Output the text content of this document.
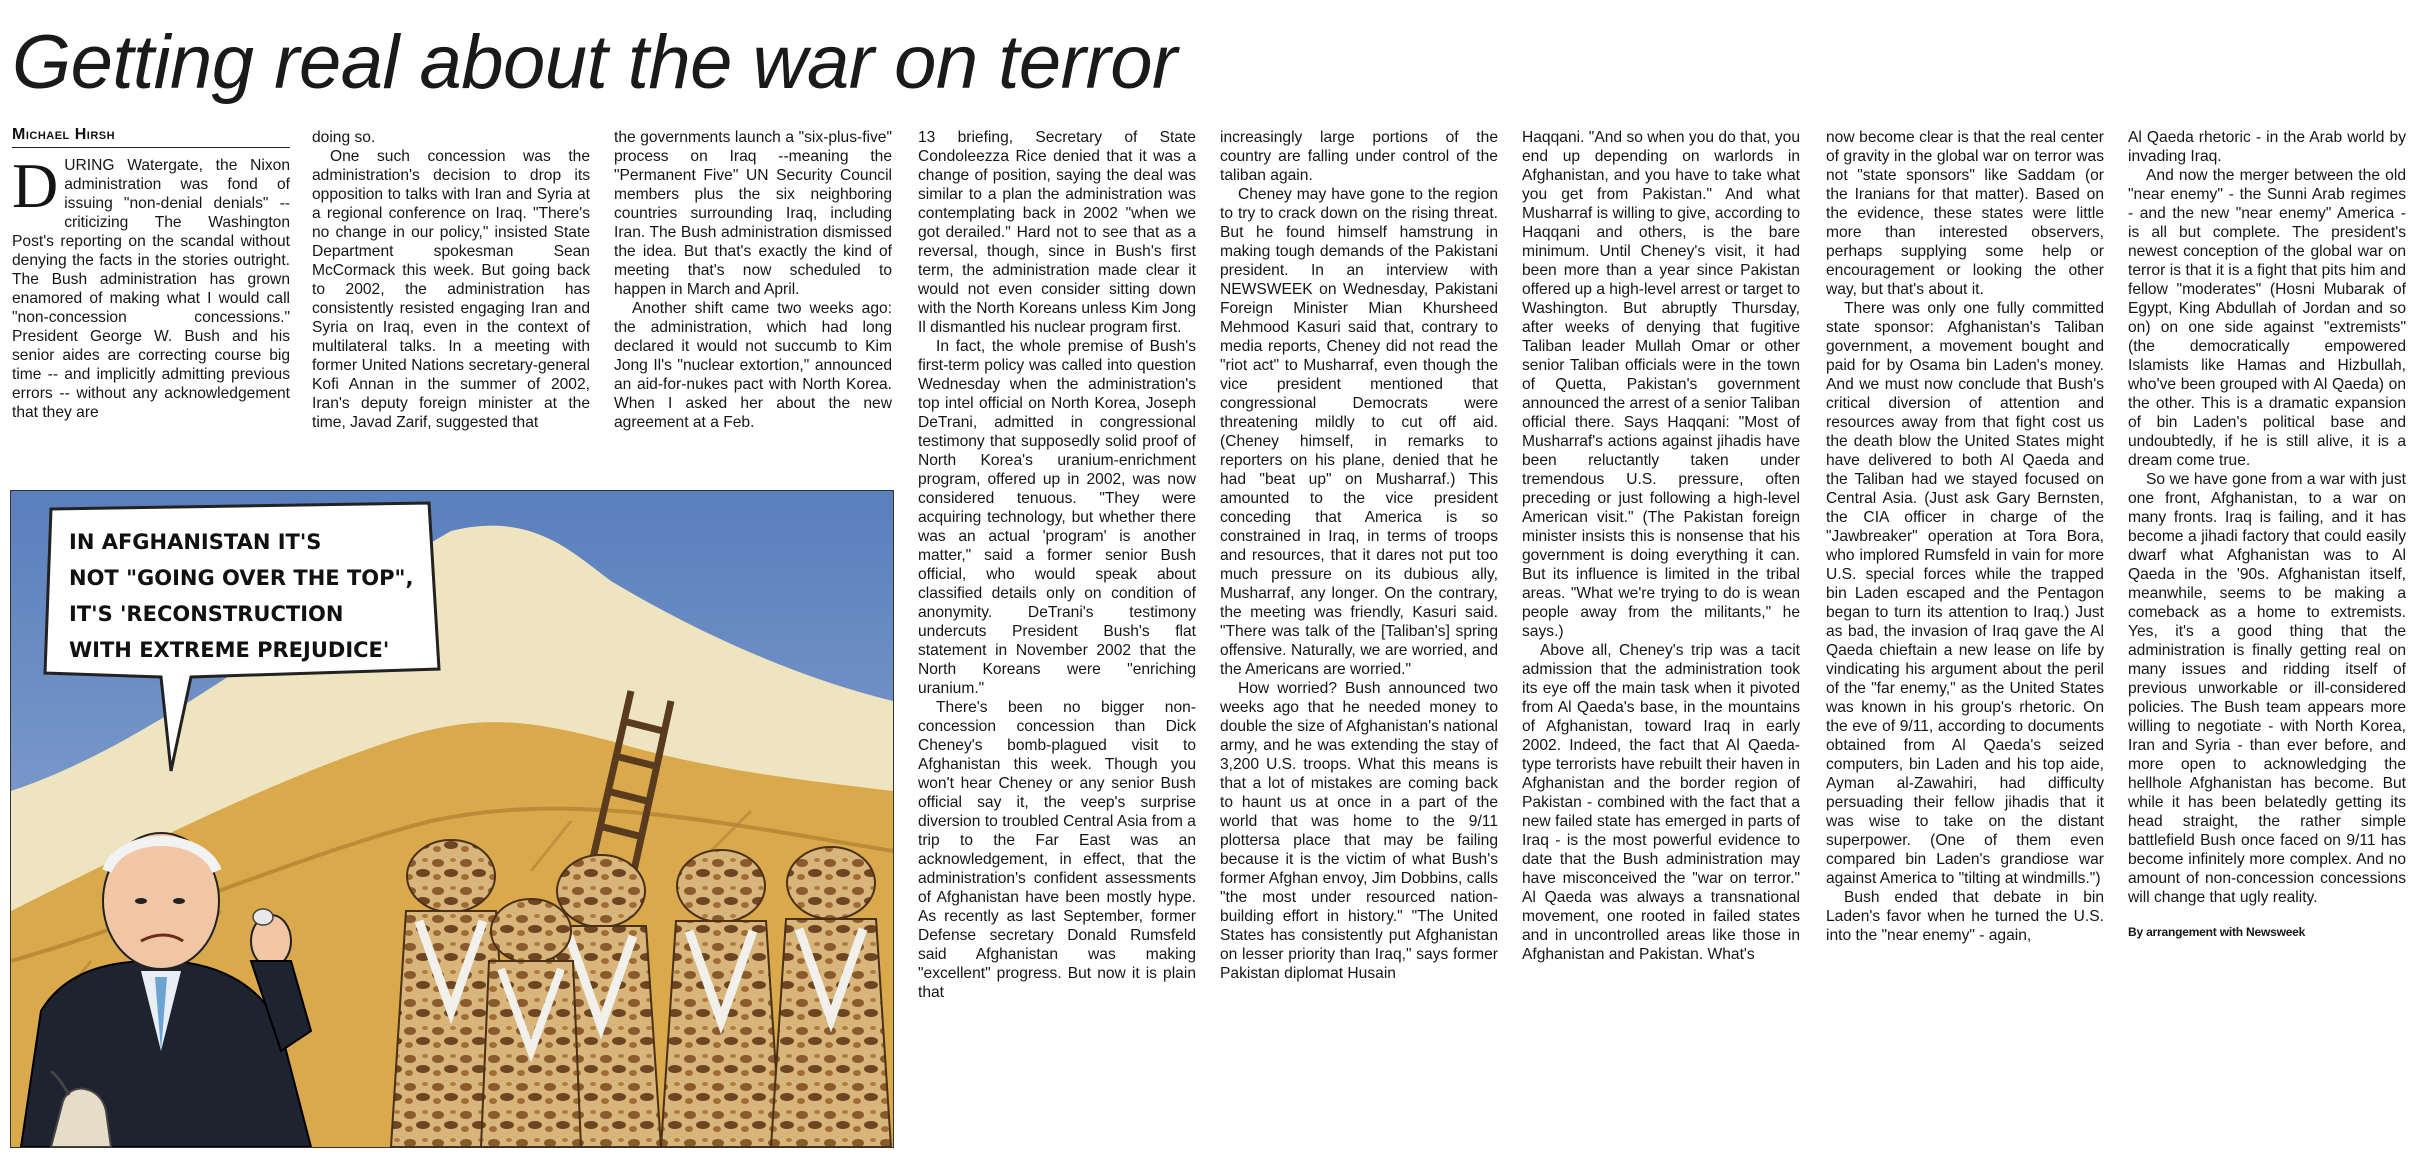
Getting real about the war on terror
Michael Hirsh
D URING Watergate, the Nixon administration was fond of issuing "non-denial denials" -- criticizing The Washington Post's reporting on the scandal without denying the facts in the stories outright. The Bush administration has grown enamored of making what I would call "non-concession concessions." President George W. Bush and his senior aides are correcting course big time -- and implicitly admitting previous errors -- without any acknowledgement that they are

doing so.

One such concession was the administration's decision to drop its opposition to talks with Iran and Syria at a regional conference on Iraq. "There's no change in our policy," insisted State Department spokesman Sean McCormack this week. But going back to 2002, the administration has consistently resisted engaging Iran and Syria on Iraq, even in the context of multilateral talks. In a meeting with former United Nations secretary-general Kofi Annan in the summer of 2002, Iran's deputy foreign minister at the time, Javad Zarif, suggested that

the governments launch a "six-plus-five" process on Iraq --meaning the "Permanent Five" UN Security Council members plus the six neighboring countries surrounding Iraq, including Iran. The Bush administration dismissed the idea. But that's exactly the kind of meeting that's now scheduled to happen in March and April.

Another shift came two weeks ago: the administration, which had long declared it would not succumb to Kim Jong Il's "nuclear extortion," announced an aid-for-nukes pact with North Korea. When I asked her about the new agreement at a Feb.

13 briefing, Secretary of State Condoleezza Rice denied that it was a change of position, saying the deal was similar to a plan the administration was contemplating back in 2002 "when we got derailed." Hard not to see that as a reversal, though, since in Bush's first term, the administration made clear it would not even consider sitting down with the North Koreans unless Kim Jong Il dismantled his nuclear program first.

In fact, the whole premise of Bush's first-term policy was called into question Wednesday when the administration's top intel official on North Korea, Joseph DeTrani, admitted in congressional testimony that supposedly solid proof of North Korea's uranium-enrichment program, offered up in 2002, was now considered tenuous. "They were acquiring technology, but whether there was an actual 'program' is another matter," said a former senior Bush official, who would speak about classified details only on condition of anonymity. DeTrani's testimony undercuts President Bush's flat statement in November 2002 that the North Koreans were "enriching uranium."

There's been no bigger non-concession concession than Dick Cheney's bomb-plagued visit to Afghanistan this week. Though you won't hear Cheney or any senior Bush official say it, the veep's surprise diversion to troubled Central Asia from a trip to the Far East was an acknowledgement, in effect, that the administration's confident assessments of Afghanistan have been mostly hype. As recently as last September, former Defense secretary Donald Rumsfeld said Afghanistan was making "excellent" progress. But now it is plain that

increasingly large portions of the country are falling under control of the taliban again.

Cheney may have gone to the region to try to crack down on the rising threat. But he found himself hamstrung in making tough demands of the Pakistani president. In an interview with NEWSWEEK on Wednesday, Pakistani Foreign Minister Mian Khursheed Mehmood Kasuri said that, contrary to media reports, Cheney did not read the "riot act" to Musharraf, even though the vice president mentioned that congressional Democrats were threatening mildly to cut off aid. (Cheney himself, in remarks to reporters on his plane, denied that he had "beat up" on Musharraf.) This amounted to the vice president conceding that America is so constrained in Iraq, in terms of troops and resources, that it dares not put too much pressure on its dubious ally, Musharraf, any longer. On the contrary, the meeting was friendly, Kasuri said. "There was talk of the [Taliban's] spring offensive. Naturally, we are worried, and the Americans are worried."

How worried? Bush announced two weeks ago that he needed money to double the size of Afghanistan's national army, and he was extending the stay of 3,200 U.S. troops. What this means is that a lot of mistakes are coming back to haunt us at once in a part of the world that was home to the 9/11 plottersa place that may be failing because it is the victim of what Bush's former Afghan envoy, Jim Dobbins, calls "the most under resourced nation-building effort in history." "The United States has consistently put Afghanistan on lesser priority than Iraq," says former Pakistan diplomat Husain

Haqqani. "And so when you do that, you end up depending on warlords in Afghanistan, and you have to take what you get from Pakistan." And what Musharraf is willing to give, according to Haqqani and others, is the bare minimum. Until Cheney's visit, it had been more than a year since Pakistan offered up a high-level arrest or target to Washington. But abruptly Thursday, after weeks of denying that fugitive Taliban leader Mullah Omar or other senior Taliban officials were in the town of Quetta, Pakistan's government announced the arrest of a senior Taliban official there. Says Haqqani: "Most of Musharraf's actions against jihadis have been reluctantly taken under tremendous U.S. pressure, often preceding or just following a high-level American visit." (The Pakistan foreign minister insists this is nonsense that his government is doing everything it can. But its influence is limited in the tribal areas. "What we're trying to do is wean people away from the militants," he says.)

Above all, Cheney's trip was a tacit admission that the administration took its eye off the main task when it pivoted from Al Qaeda's base, in the mountains of Afghanistan, toward Iraq in early 2002. Indeed, the fact that Al Qaeda-type terrorists have rebuilt their haven in Afghanistan and the border region of Pakistan - combined with the fact that a new failed state has emerged in parts of Iraq - is the most powerful evidence to date that the Bush administration may have misconceived the "war on terror." Al Qaeda was always a transnational movement, one rooted in failed states and in uncontrolled areas like those in Afghanistan and Pakistan. What's

now become clear is that the real center of gravity in the global war on terror was not "state sponsors" like Saddam (or the Iranians for that matter). Based on the evidence, these states were little more than interested observers, perhaps supplying some help or encouragement or looking the other way, but that's about it.

There was only one fully committed state sponsor: Afghanistan's Taliban government, a movement bought and paid for by Osama bin Laden's money. And we must now conclude that Bush's critical diversion of attention and resources away from that fight cost us the death blow the United States might have delivered to both Al Qaeda and the Taliban had we stayed focused on Central Asia. (Just ask Gary Bernsten, the CIA officer in charge of the "Jawbreaker" operation at Tora Bora, who implored Rumsfeld in vain for more U.S. special forces while the trapped bin Laden escaped and the Pentagon began to turn its attention to Iraq.) Just as bad, the invasion of Iraq gave the Al Qaeda chieftain a new lease on life by vindicating his argument about the peril of the "far enemy," as the United States was known in his group's rhetoric. On the eve of 9/11, according to documents obtained from Al Qaeda's seized computers, bin Laden and his top aide, Ayman al-Zawahiri, had difficulty persuading their fellow jihadis that it was wise to take on the distant superpower. (One of them even compared bin Laden's grandiose war against America to "tilting at windmills.")

Bush ended that debate in bin Laden's favor when he turned the U.S. into the "near enemy" - again,

Al Qaeda rhetoric - in the Arab world by invading Iraq.

And now the merger between the old "near enemy" - the Sunni Arab regimes - and the new "near enemy" America - is all but complete. The president's newest conception of the global war on terror is that it is a fight that pits him and fellow "moderates" (Hosni Mubarak of Egypt, King Abdullah of Jordan and so on) on one side against "extremists" (the democratically empowered Islamists like Hamas and Hizbullah, who've been grouped with Al Qaeda) on the other. This is a dramatic expansion of bin Laden's political base and undoubtedly, if he is still alive, it is a dream come true.

So we have gone from a war with just one front, Afghanistan, to a war on many fronts. Iraq is failing, and it has become a jihadi factory that could easily dwarf what Afghanistan was to Al Qaeda in the '90s. Afghanistan itself, meanwhile, seems to be making a comeback as a home to extremists. Yes, it's a good thing that the administration is finally getting real on many issues and ridding itself of previous unworkable or ill-considered policies. The Bush team appears more willing to negotiate - with North Korea, Iran and Syria - than ever before, and more open to acknowledging the hellhole Afghanistan has become. But while it has been belatedly getting its head straight, the rather simple battlefield Bush once faced on 9/11 has become infinitely more complex. And no amount of non-concession concessions will change that ugly reality.

By arrangement with Newsweek
IN AFGHANISTAN IT'S
NOT "GOING OVER THE TOP",
IT'S 'RECONSTRUCTION
WITH EXTREME PREJUDICE'
